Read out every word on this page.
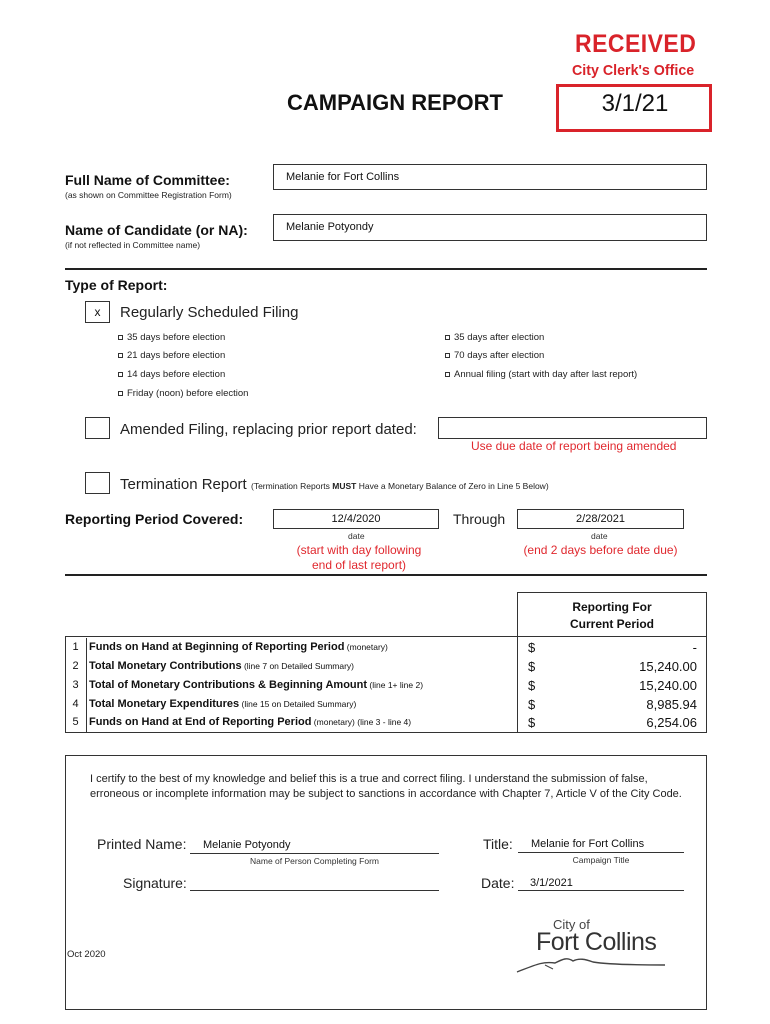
RECEIVED
City Clerk's Office
3/1/21
CAMPAIGN REPORT
Full Name of Committee:
(as shown on Committee Registration Form)
Melanie for Fort Collins
Name of Candidate (or NA):
(if not reflected in Committee name)
Melanie Potyondy
Type of Report:
x	Regularly Scheduled Filing
35 days before election
21 days before election
14 days before election
Friday (noon) before election
35 days after election
70 days after election
Annual filing (start with day after last report)
Amended Filing, replacing prior report dated:
Use due date of report being amended
Termination Report (Termination Reports MUST Have a Monetary Balance of Zero in Line 5 Below)
Reporting Period Covered:	12/4/2020
date
Through	2/28/2021
date
(start with day following
end of last report)
(end 2 days before date due)
Reporting For
Current Period
1 Funds on Hand at Beginning of Reporting Period (monetary)	$	-
2 Total Monetary Contributions (line 7 on Detailed Summary)	$	15,240.00
3 Total of Monetary Contributions & Beginning Amount (line 1+ line 2)	$	15,240.00
4 Total Monetary Expenditures (line 15 on Detailed Summary)	$	8,985.94
5 Funds on Hand at End of Reporting Period (monetary) (line 3 - line 4)	$	6,254.06
I certify to the best of my knowledge and belief this is a true and correct filing. I understand the submission of false, erroneous or incomplete information may be subject to sanctions in accordance with Chapter 7, Article V of the City Code.
Printed Name: Melanie Potyondy
Name of Person Completing Form
Title: Melanie for Fort Collins
Campaign Title
Signature:	Date: 3/1/2021
Oct 2020
City of
Fort Collins
